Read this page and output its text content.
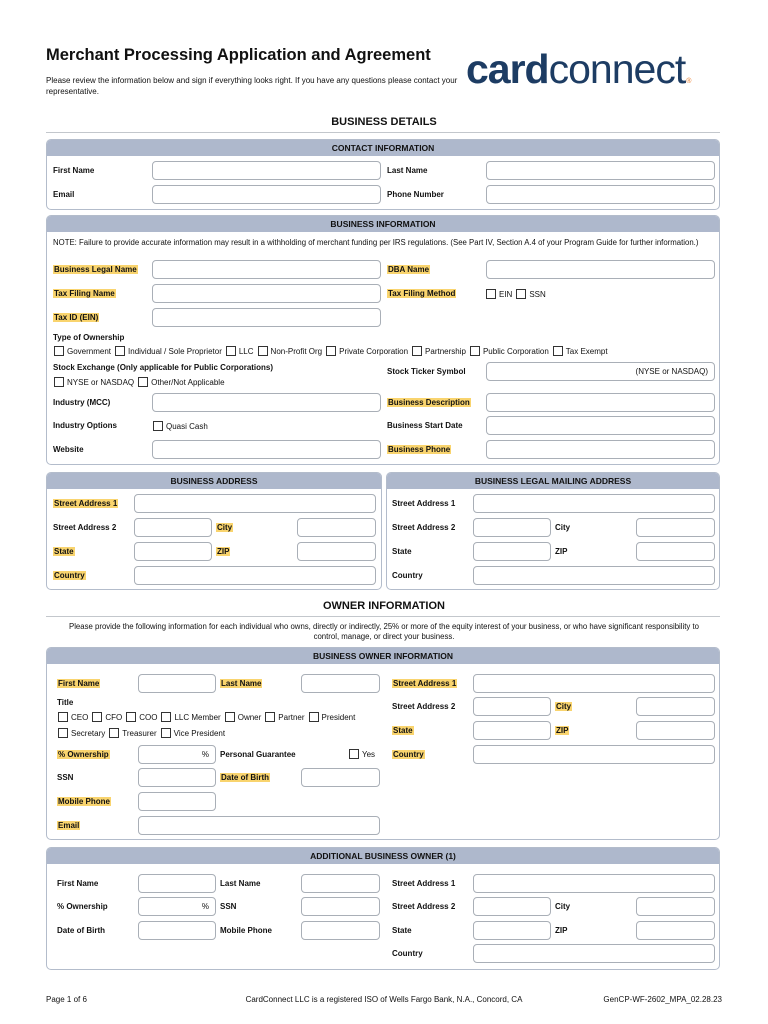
Merchant Processing Application and Agreement
Please review the information below and sign if everything looks right. If you have any questions please contact your representative.	cardconnect®
BUSINESS DETAILS
CONTACT INFORMATION
First Name	Last Name
Email	Phone Number
BUSINESS INFORMATION
NOTE: Failure to provide accurate information may result in a withholding of merchant funding per IRS regulations. (See Part IV, Section A.4 of your Program Guide for further information.)
Business Legal Name	DBA Name
Tax Filing Name	Tax Filing Method	EIN SSN
Tax ID (EIN)
Type of Ownership
Government Individual / Sole Proprietor LLC Non-Profit Org Private Corporation Partnership Public Corporation Tax Exempt
Stock Exchange (Only applicable for Public Corporations)
NYSE or NASDAQ Other/Not Applicable
Stock Ticker Symbol	(NYSE or NASDAQ)
Industry (MCC)	Business Description
Industry Options	Quasi Cash	Business Start Date
Website	Business Phone
BUSINESS ADDRESS
Street Address 1
Street Address 2	City
State	ZIP
Country
BUSINESS LEGAL MAILING ADDRESS
Street Address 1
Street Address 2	City
State	ZIP
Country
OWNER INFORMATION
Please provide the following information for each individual who owns, directly or indirectly, 25% or more of the equity interest of your business, or who have significant responsibility to control, manage, or direct your business.
BUSINESS OWNER INFORMATION
First Name	Last Name	Street Address 1
Title
CEO CFO COO LLC Member Owner Partner President
Secretary Treasurer Vice President
Street Address 2	City
State	ZIP
% Ownership	% Personal Guarantee	Yes Country
SSN	Date of Birth
Mobile Phone
Email
ADDITIONAL BUSINESS OWNER (1)
First Name	Last Name	Street Address 1
% Ownership	% SSN	Street Address 2	City
Date of Birth	Mobile Phone	State	ZIP
Country
Page 1 of 6	CardConnect LLC is a registered ISO of Wells Fargo Bank, N.A., Concord, CA	GenCP-WF-2602_MPA_02.28.23
